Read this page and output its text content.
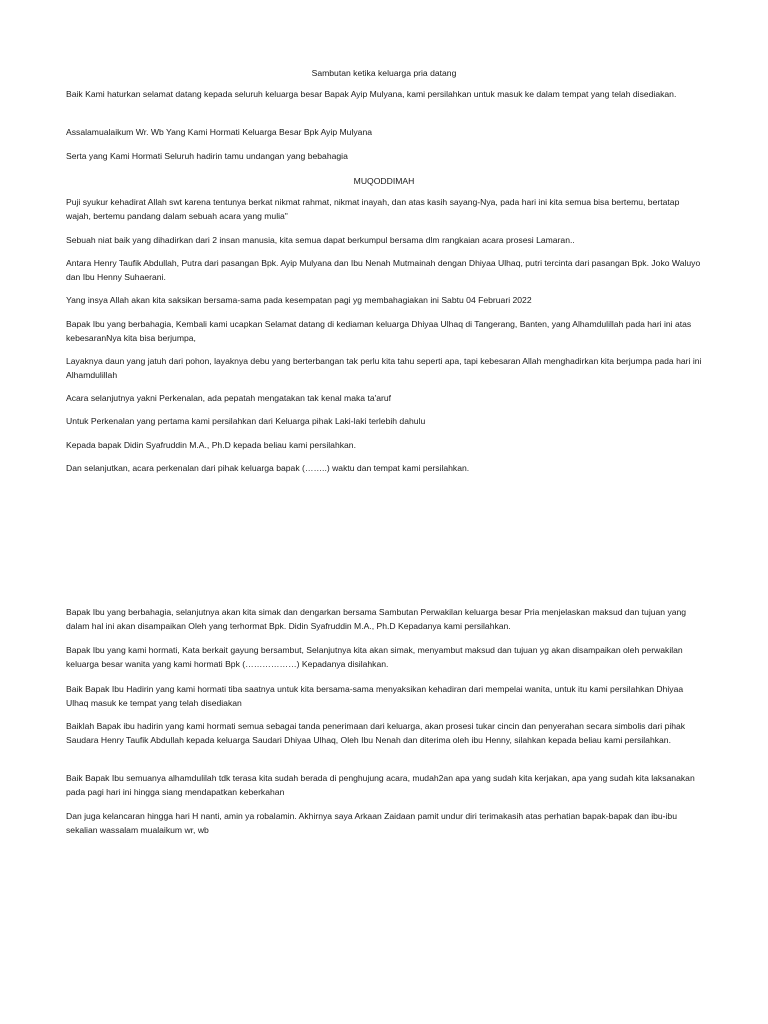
Sambutan ketika keluarga pria datang

Baik Kami haturkan selamat datang kepada seluruh keluarga besar Bapak Ayip Mulyana, kami persilahkan untuk masuk ke dalam tempat yang telah disediakan.

Assalamualaikum Wr. Wb Yang Kami Hormati Keluarga Besar Bpk Ayip Mulyana

Serta yang Kami Hormati Seluruh hadirin tamu undangan yang bebahagia

MUQODDIMAH

Puji syukur kehadirat Allah swt karena tentunya berkat nikmat rahmat, nikmat inayah, dan atas kasih sayang-Nya, pada hari ini kita semua bisa bertemu, bertatap wajah, bertemu pandang dalam sebuah acara yang mulia"

Sebuah niat baik yang dihadirkan dari 2 insan manusia, kita semua dapat berkumpul bersama dlm rangkaian acara prosesi Lamaran..

Antara Henry Taufik Abdullah, Putra dari pasangan Bpk. Ayip Mulyana dan Ibu Nenah Mutmainah dengan Dhiyaa Ulhaq, putri tercinta dari pasangan Bpk. Joko Waluyo dan Ibu Henny Suhaerani.

Yang insya Allah akan kita saksikan bersama-sama pada kesempatan pagi yg membahagiakan ini Sabtu 04 Februari 2022

Bapak Ibu yang berbahagia, Kembali kami ucapkan Selamat datang di kediaman keluarga Dhiyaa Ulhaq di Tangerang, Banten, yang Alhamdulillah pada hari ini atas kebesaranNya kita bisa berjumpa,

Layaknya daun yang jatuh dari pohon, layaknya debu yang berterbangan tak perlu kita tahu seperti apa, tapi kebesaran Allah menghadirkan kita berjumpa pada hari ini Alhamdulillah

Acara selanjutnya yakni Perkenalan, ada pepatah mengatakan tak kenal maka ta'aruf

Untuk Perkenalan yang pertama kami persilahkan dari Keluarga pihak Laki-laki terlebih dahulu

Kepada bapak Didin Syafruddin M.A., Ph.D kepada beliau kami persilahkan.

Dan selanjutkan, acara perkenalan dari pihak keluarga bapak (……..) waktu dan tempat kami persilahkan.

Bapak Ibu yang berbahagia, selanjutnya akan kita simak dan dengarkan bersama Sambutan Perwakilan keluarga besar Pria menjelaskan maksud dan tujuan yang dalam hal ini akan disampaikan Oleh yang terhormat Bpk. Didin Syafruddin M.A., Ph.D Kepadanya kami persilahkan.

Bapak Ibu yang kami hormati, Kata berkait gayung bersambut, Selanjutnya kita akan simak, menyambut maksud dan tujuan yg akan disampaikan oleh perwakilan keluarga besar wanita yang kami hormati Bpk (………………) Kepadanya disilahkan.

Baik Bapak Ibu Hadirin yang kami hormati tiba saatnya untuk kita bersama-sama menyaksikan kehadiran dari mempelai wanita, untuk itu kami persilahkan Dhiyaa Ulhaq masuk ke tempat yang telah disediakan

Baiklah Bapak ibu hadirin yang kami hormati semua sebagai tanda penerimaan dari keluarga, akan prosesi tukar cincin dan penyerahan secara simbolis dari pihak Saudara Henry Taufik Abdullah kepada keluarga Saudari Dhiyaa Ulhaq, Oleh Ibu Nenah dan diterima oleh ibu Henny, silahkan kepada beliau kami persilahkan.

Baik Bapak Ibu semuanya alhamdulilah tdk terasa kita sudah berada di penghujung acara, mudah2an apa yang sudah kita kerjakan, apa yang sudah kita laksanakan pada pagi hari ini hingga siang mendapatkan keberkahan

Dan juga kelancaran hingga hari H nanti, amin ya robalamin. Akhirnya saya Arkaan Zaidaan pamit undur diri terimakasih atas perhatian bapak-bapak dan ibu-ibu sekalian wassalam mualaikum wr, wb
